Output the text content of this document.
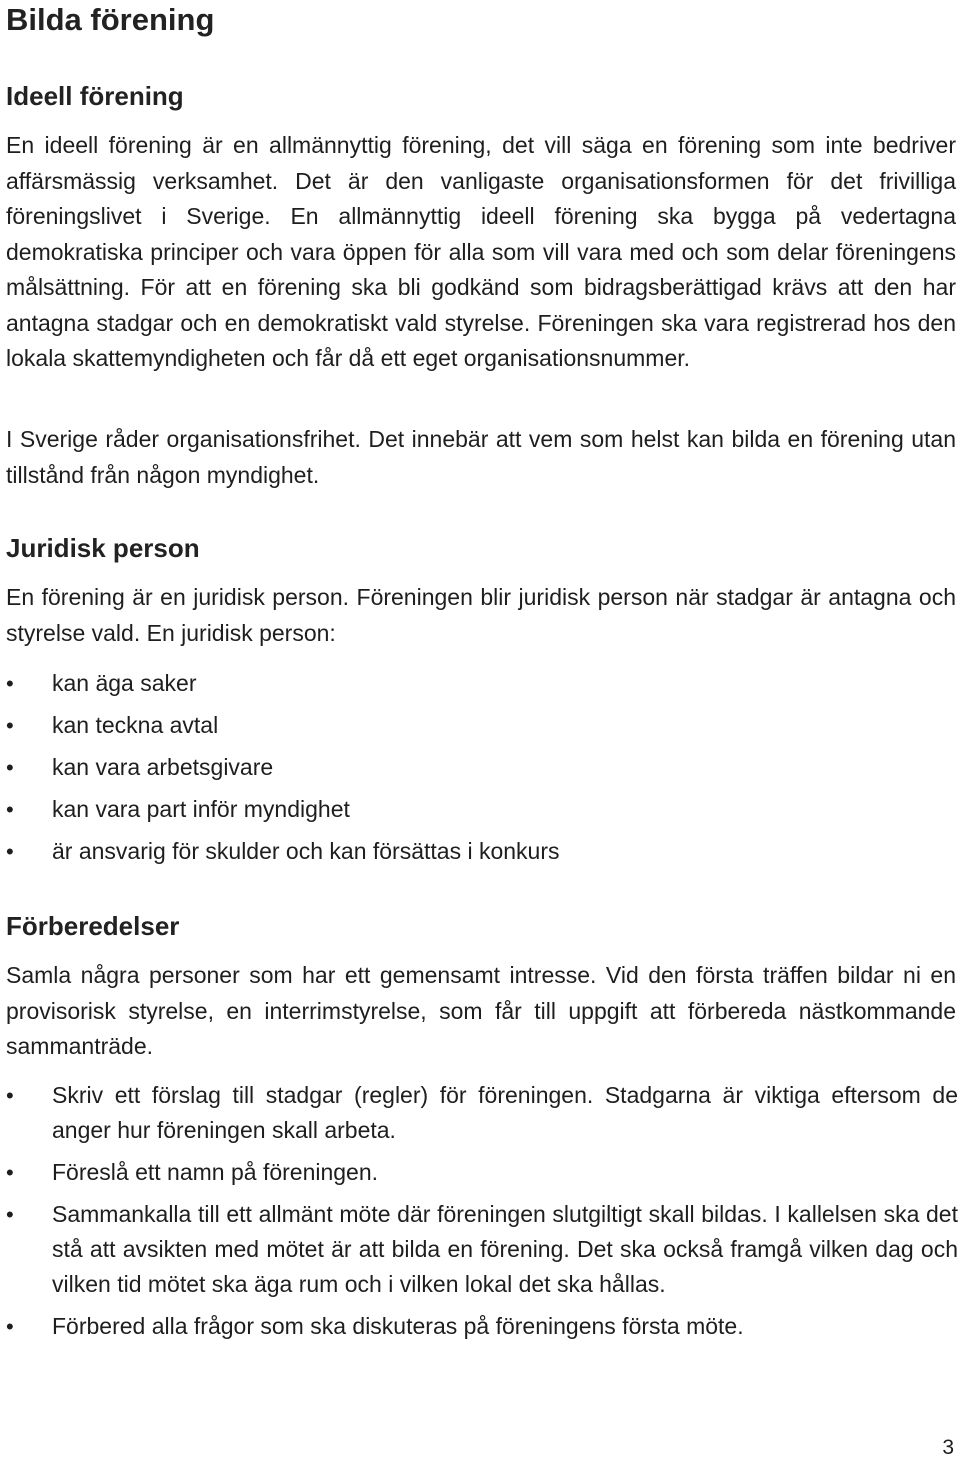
Bilda förening
Ideell förening

En ideell förening är en allmännyttig förening, det vill säga en förening som inte bedriver affärsmässig verksamhet. Det är den vanligaste organisationsformen för det frivilliga föreningslivet i Sverige. En allmännyttig ideell förening ska bygga på vedertagna demokratiska principer och vara öppen för alla som vill vara med och som delar föreningens målsättning. För att en förening ska bli godkänd som bidragsberättigad krävs att den har antagna stadgar och en demokratiskt vald styrelse. Föreningen ska vara registrerad hos den lokala skattemyndigheten och får då ett eget organisationsnummer.

I Sverige råder organisationsfrihet. Det innebär att vem som helst kan bilda en förening utan tillstånd från någon myndighet.

Juridisk person

En förening är en juridisk person. Föreningen blir juridisk person när stadgar är antagna och styrelse vald. En juridisk person:

• kan äga saker
• kan teckna avtal
• kan vara arbetsgivare
• kan vara part inför myndighet
• är ansvarig för skulder och kan försättas i konkurs
Förberedelser

Samla några personer som har ett gemensamt intresse. Vid den första träffen bildar ni en provisorisk styrelse, en interrimstyrelse, som får till uppgift att förbereda nästkommande sammanträde.

• Skriv ett förslag till stadgar (regler) för föreningen. Stadgarna är viktiga eftersom de anger hur föreningen skall arbeta.
• Föreslå ett namn på föreningen.
• Sammankalla till ett allmänt möte där föreningen slutgiltigt skall bildas. I kallelsen ska det stå att avsikten med mötet är att bilda en förening. Det ska också framgå vilken dag och vilken tid mötet ska äga rum och i vilken lokal det ska hållas.
• Förbered alla frågor som ska diskuteras på föreningens första möte.
3
